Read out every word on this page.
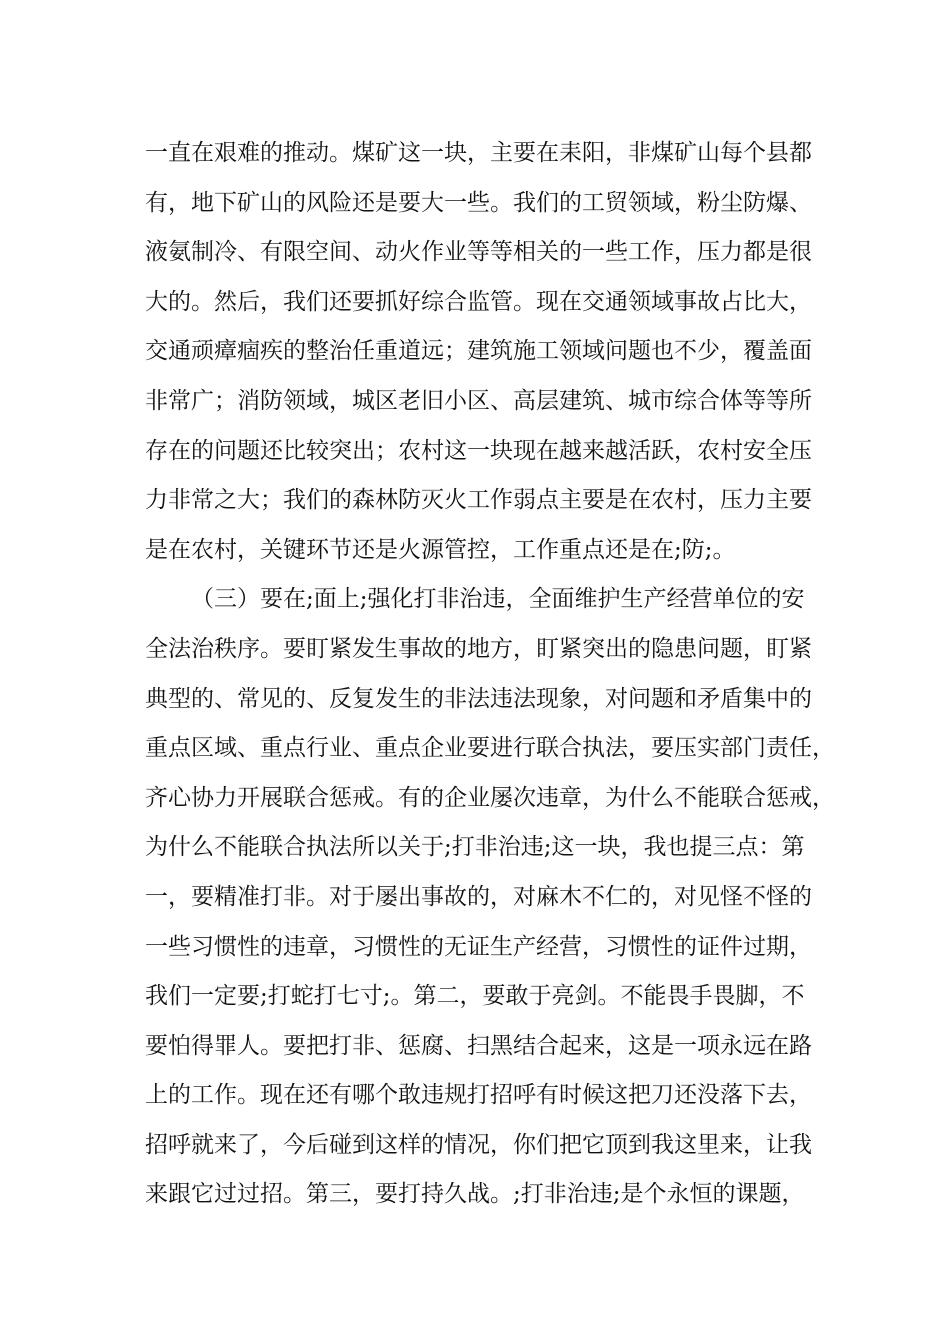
一直在艰难的推动。煤矿这一块，主要在耒阳，非煤矿山每个县都
有，地下矿山的风险还是要大一些。我们的工贸领域，粉尘防爆、
液氨制冷、有限空间、动火作业等等相关的一些工作，压力都是很
大的。然后，我们还要抓好综合监管。现在交通领域事故占比大，
交通顽瘴痼疾的整治任重道远；建筑施工领域问题也不少，覆盖面
非常广；消防领域，城区老旧小区、高层建筑、城市综合体等等所
存在的问题还比较突出；农村这一块现在越来越活跃，农村安全压
力非常之大；我们的森林防灭火工作弱点主要是在农村，压力主要
是在农村，关键环节还是火源管控，工作重点还是在;防;。
（三）要在;面上;强化打非治违，全面维护生产经营单位的安
全法治秩序。要盯紧发生事故的地方，盯紧突出的隐患问题，盯紧
典型的、常见的、反复发生的非法违法现象，对问题和矛盾集中的
重点区域、重点行业、重点企业要进行联合执法，要压实部门责任，
齐心协力开展联合惩戒。有的企业屡次违章，为什么不能联合惩戒，
为什么不能联合执法所以关于;打非治违;这一块，我也提三点：第
一，要精准打非。对于屡出事故的，对麻木不仁的，对见怪不怪的
一些习惯性的违章，习惯性的无证生产经营，习惯性的证件过期，
我们一定要;打蛇打七寸;。第二，要敢于亮剑。不能畏手畏脚，不
要怕得罪人。要把打非、惩腐、扫黑结合起来，这是一项永远在路
上的工作。现在还有哪个敢违规打招呼有时候这把刀还没落下去，
招呼就来了，今后碰到这样的情况，你们把它顶到我这里来，让我
来跟它过过招。第三，要打持久战。;打非治违;是个永恒的课题，
